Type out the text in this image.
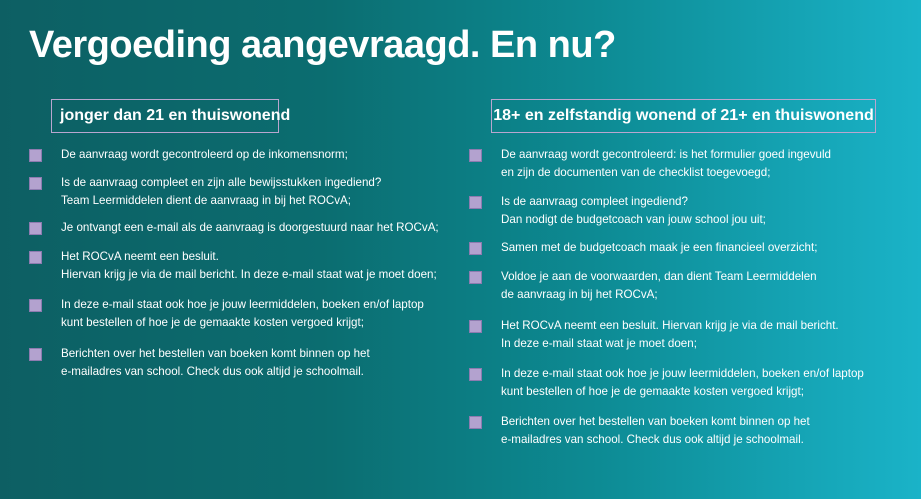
Vergoeding aangevraagd. En nu?
jonger dan 21 en thuiswonend
De aanvraag wordt gecontroleerd op de inkomensnorm;
Is de aanvraag compleet en zijn alle bewijsstukken ingediend?
Team Leermiddelen dient de aanvraag in bij het ROCvA;
Je ontvangt een e-mail als de aanvraag is doorgestuurd naar het ROCvA;
Het ROCvA neemt een besluit.
Hiervan krijg je via de mail bericht. In deze e-mail staat wat je moet doen;
In deze e-mail staat ook hoe je jouw leermiddelen, boeken en/of laptop
kunt bestellen of hoe je de gemaakte kosten vergoed krijgt;
Berichten over het bestellen van boeken komt binnen op het
e-mailadres van school. Check dus ook altijd je schoolmail.
18+ en zelfstandig wonend of 21+ en thuiswonend
De aanvraag wordt gecontroleerd: is het formulier goed ingevuld
en zijn de documenten van de checklist toegevoegd;
Is de aanvraag compleet ingediend?
Dan nodigt de budgetcoach van jouw school jou uit;
Samen met de budgetcoach maak je een financieel overzicht;
Voldoe je aan de voorwaarden, dan dient Team Leermiddelen
de aanvraag in bij het ROCvA;
Het ROCvA neemt een besluit. Hiervan krijg je via de mail bericht.
In deze e-mail staat wat je moet doen;
In deze e-mail staat ook hoe je jouw leermiddelen, boeken en/of laptop
kunt bestellen of hoe je de gemaakte kosten vergoed krijgt;
Berichten over het bestellen van boeken komt binnen op het
e-mailadres van school. Check dus ook altijd je schoolmail.
